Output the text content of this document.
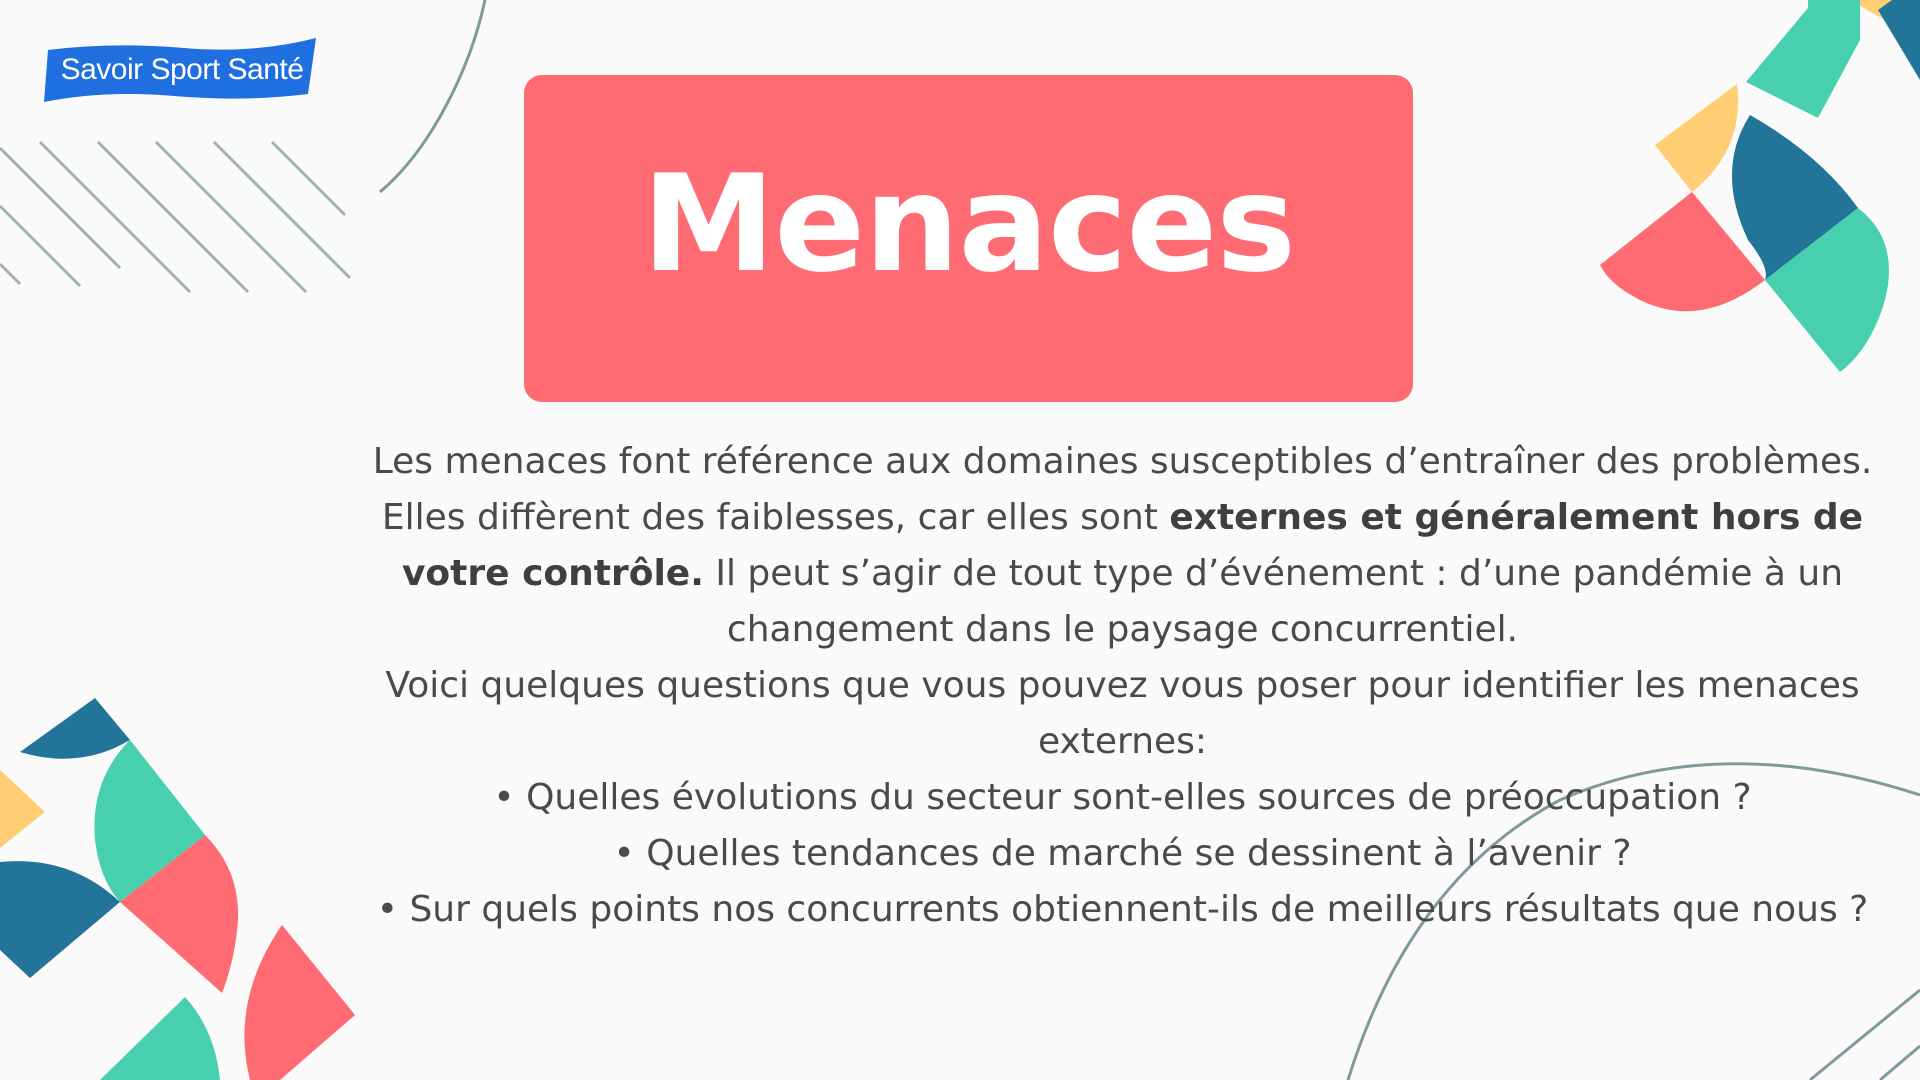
Savoir Sport Santé
Menaces

Les menaces font référence aux domaines susceptibles d’entraîner des problèmes.

Elles diffèrent des faiblesses, car elles sont externes et généralement hors de votre contrôle. Il peut s’agir de tout type d’événement : d’une pandémie à un changement dans le paysage concurrentiel.

Voici quelques questions que vous pouvez vous poser pour identifier les menaces externes:

• Quelles évolutions du secteur sont-elles sources de préoccupation ?
• Quelles tendances de marché se dessinent à l’avenir ?
• Sur quels points nos concurrents obtiennent-ils de meilleurs résultats que nous ?
